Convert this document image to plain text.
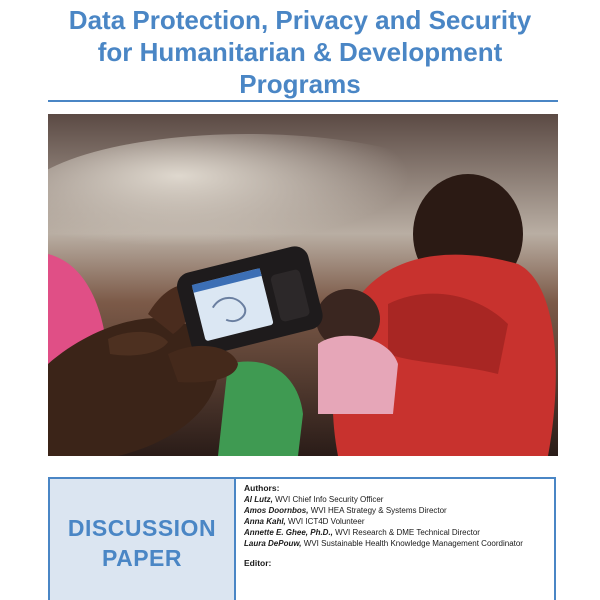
Data Protection, Privacy and Security
for Humanitarian & Development
Programs
DISCUSSION
PAPER
Authors:
Al Lutz, WVI Chief Info Security Officer
Amos Doornbos, WVI HEA Strategy & Systems Director
Anna Kahl, WVI ICT4D Volunteer
Annette E. Ghee, Ph.D., WVI Research & DME Technical Director
Laura DePouw, WVI Sustainable Health Knowledge Management Coordinator
Editor:
